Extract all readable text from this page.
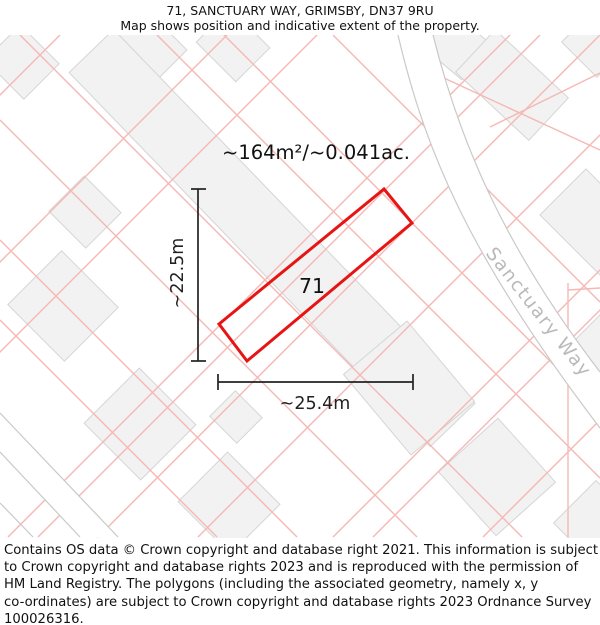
71, SANCTUARY WAY, GRIMSBY, DN37 9RU
Map shows position and indicative extent of the property.
Sanctuary Way
71
~164m²/~0.041ac.
~22.5m
~25.4m
Contains OS data © Crown copyright and database right 2021. This information is subject
to Crown copyright and database rights 2023 and is reproduced with the permission of
HM Land Registry. The polygons (including the associated geometry, namely x, y
co-ordinates) are subject to Crown copyright and database rights 2023 Ordnance Survey
100026316.
